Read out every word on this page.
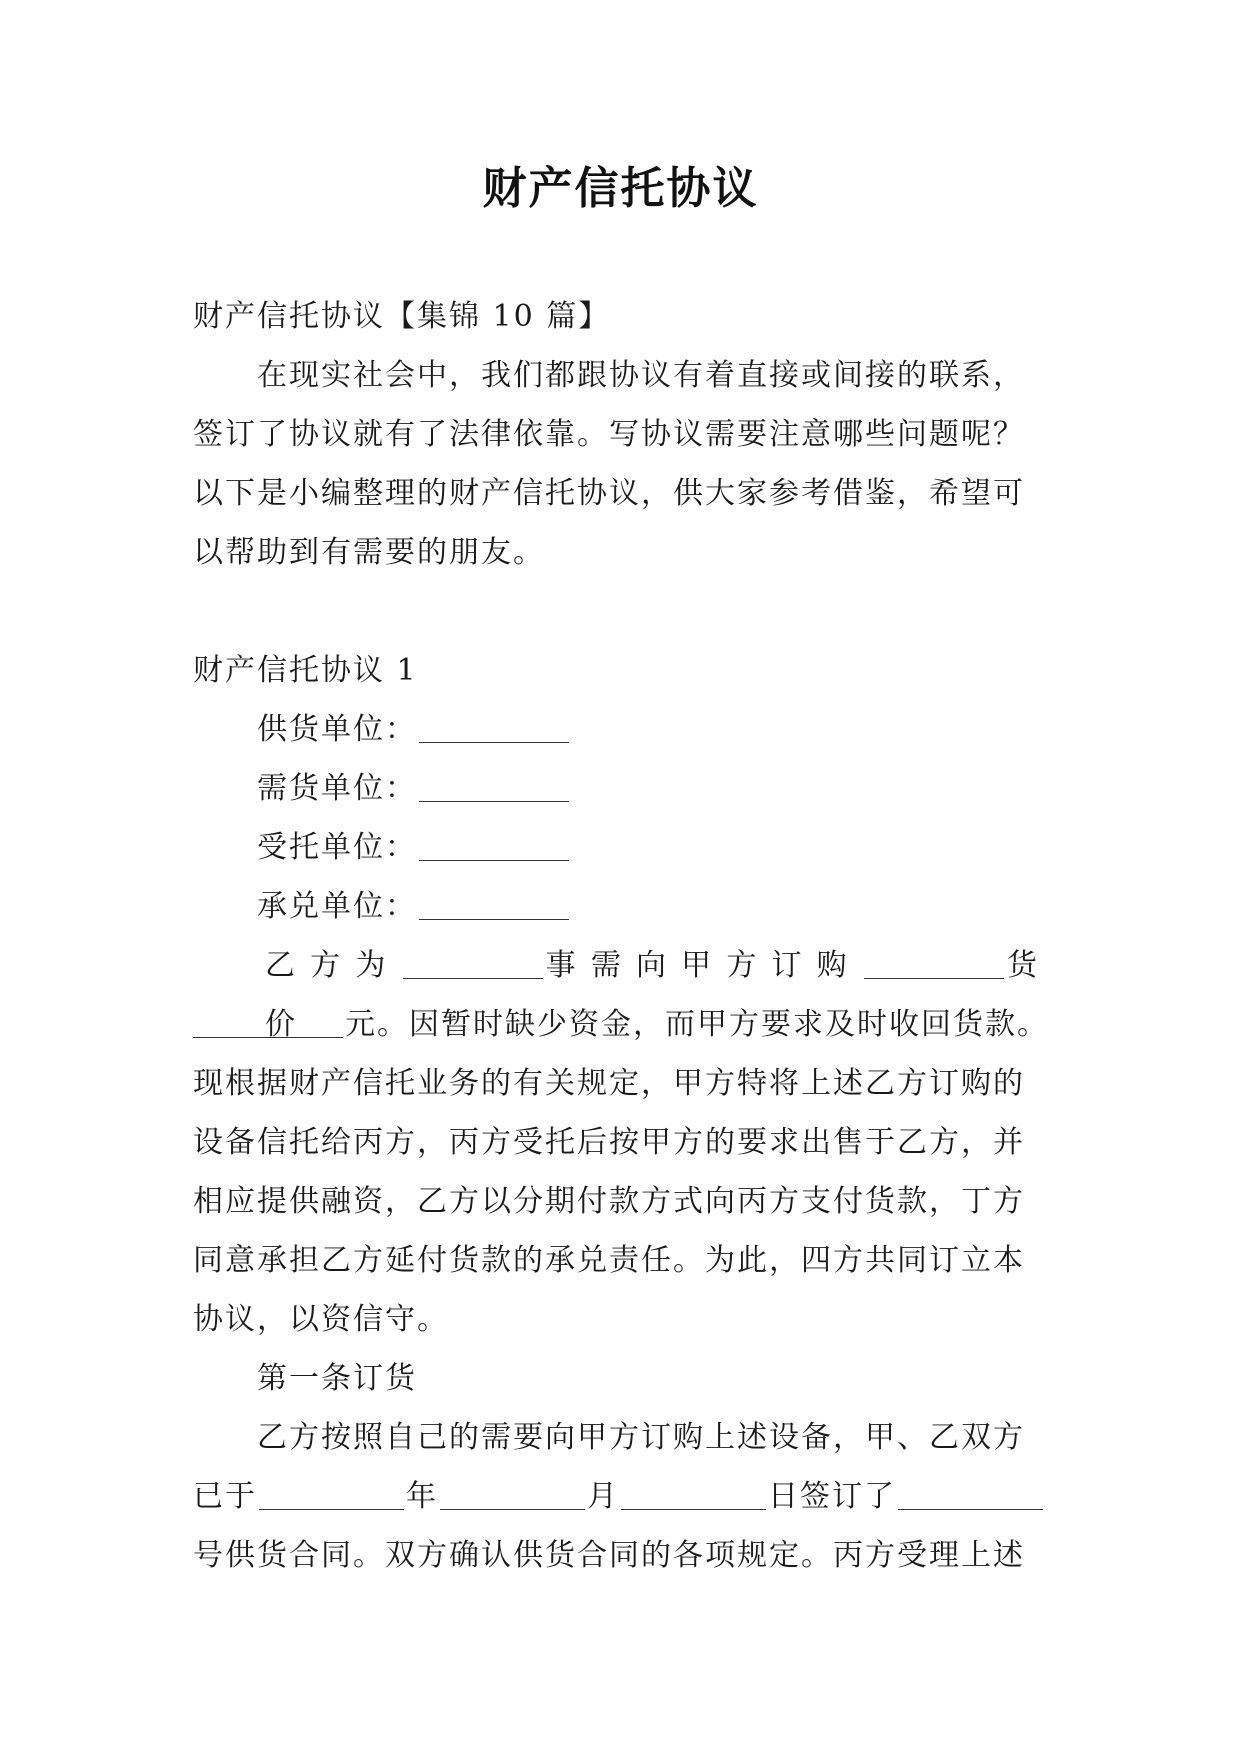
财产信托协议
财产信托协议【集锦 10 篇】
在现实社会中，我们都跟协议有着直接或间接的联系，
签订了协议就有了法律依靠。写协议需要注意哪些问题呢？
以下是小编整理的财产信托协议，供大家参考借鉴，希望可
以帮助到有需要的朋友。
财产信托协议 1
供货单位：
需货单位：
受托单位：
承兑单位：
乙方为	事需向甲方订购	货价	元。因暂时缺少资金，而甲方要求及时收回货款。
现根据财产信托业务的有关规定，甲方特将上述乙方订购的
设备信托给丙方，丙方受托后按甲方的要求出售于乙方，并
相应提供融资，乙方以分期付款方式向丙方支付货款，丁方
同意承担乙方延付货款的承兑责任。为此，四方共同订立本
协议，以资信守。
第一条订货
乙方按照自己的需要向甲方订购上述设备，甲、乙双方
已于	年	月	日签订了
号供货合同。双方确认供货合同的各项规定。丙方受理上述
